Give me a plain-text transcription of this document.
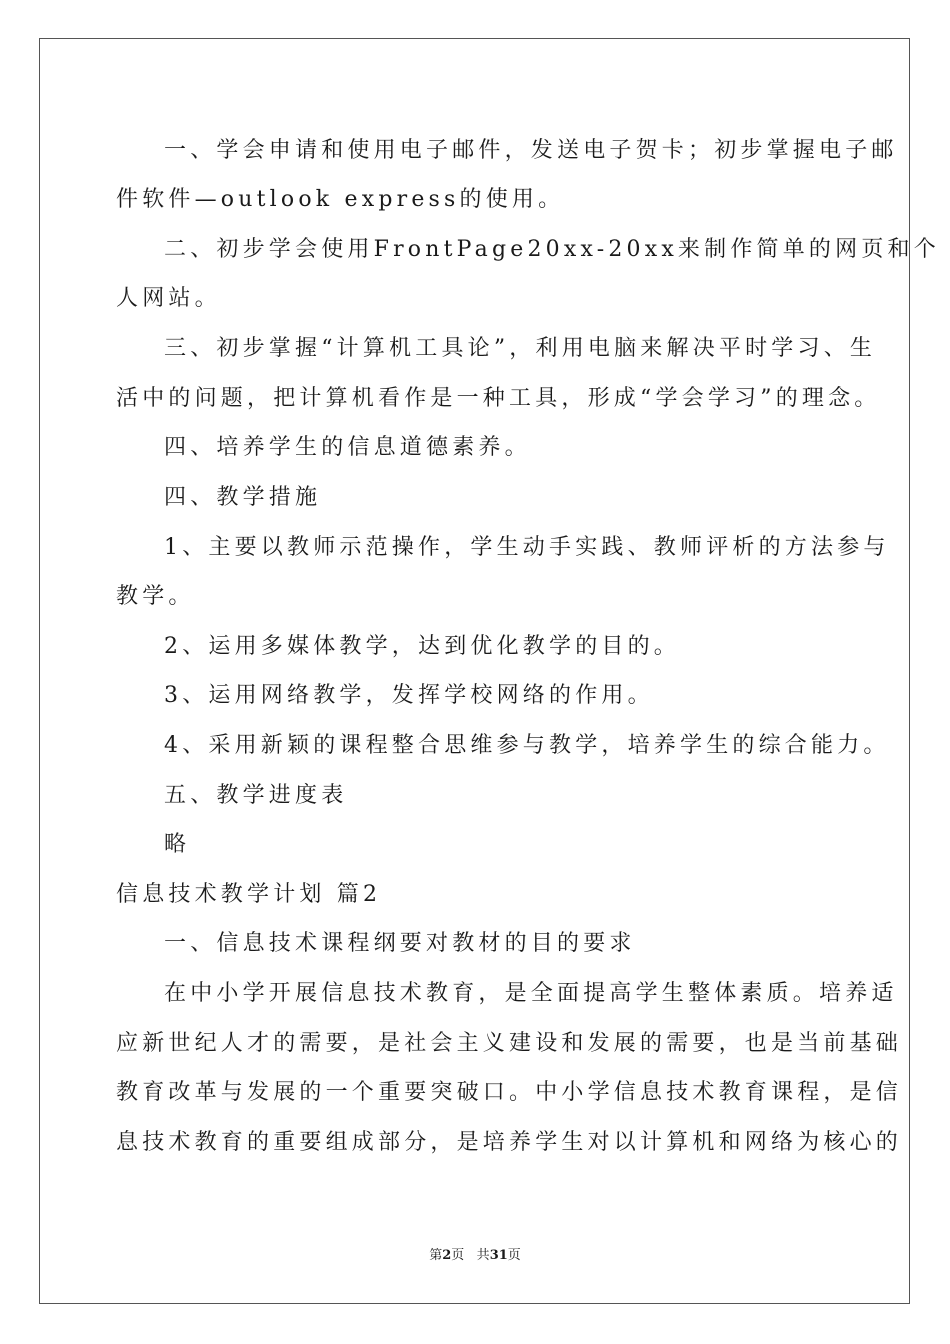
一、学会申请和使用电子邮件，发送电子贺卡；初步掌握电子邮
件软件—outlook express的使用。
二、初步学会使用FrontPage20xx-20xx来制作简单的网页和个
人网站。
三、初步掌握“计算机工具论”，利用电脑来解决平时学习、生
活中的问题，把计算机看作是一种工具，形成“学会学习”的理念。
四、培养学生的信息道德素养。
四、教学措施
1、主要以教师示范操作，学生动手实践、教师评析的方法参与
教学。
2、运用多媒体教学，达到优化教学的目的。
3、运用网络教学，发挥学校网络的作用。
4、采用新颖的课程整合思维参与教学，培养学生的综合能力。
五、教学进度表
略
信息技术教学计划 篇2
一、信息技术课程纲要对教材的目的要求
在中小学开展信息技术教育，是全面提高学生整体素质。培养适
应新世纪人才的需要，是社会主义建设和发展的需要，也是当前基础
教育改革与发展的一个重要突破口。中小学信息技术教育课程，是信
息技术教育的重要组成部分，是培养学生对以计算机和网络为核心的
第2页 共31页
